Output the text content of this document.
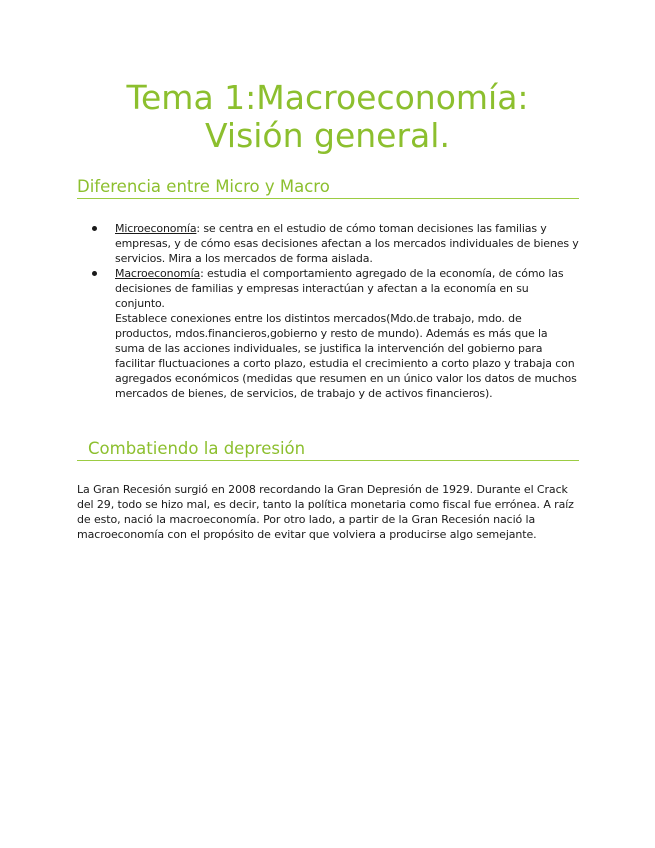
Tema 1:Macroeconomía:
Visión general.
Diferencia entre Micro y Macro
Microeconomía: se centra en el estudio de cómo toman decisiones las familias y empresas, y de cómo esas decisiones afectan a los mercados individuales de bienes y servicios. Mira a los mercados de forma aislada.
Macroeconomía: estudia el comportamiento agregado de la economía, de cómo las decisiones de familias y empresas interactúan y afectan a la economía en su conjunto.
Establece conexiones entre los distintos mercados(Mdo.de trabajo, mdo. de productos, mdos.financieros,gobierno y resto de mundo). Además es más que la suma de las acciones individuales, se justifica la intervención del gobierno para facilitar fluctuaciones a corto plazo, estudia el crecimiento a corto plazo y trabaja con agregados económicos (medidas que resumen en un único valor los datos de muchos mercados de bienes, de servicios, de trabajo y de activos financieros).
Combatiendo la depresión

La Gran Recesión surgió en 2008 recordando la Gran Depresión de 1929. Durante el Crack del 29, todo se hizo mal, es decir, tanto la política monetaria como fiscal fue errónea. A raíz de esto, nació la macroeconomía. Por otro lado, a partir de la Gran Recesión nació la macroeconomía con el propósito de evitar que volviera a producirse algo semejante.
